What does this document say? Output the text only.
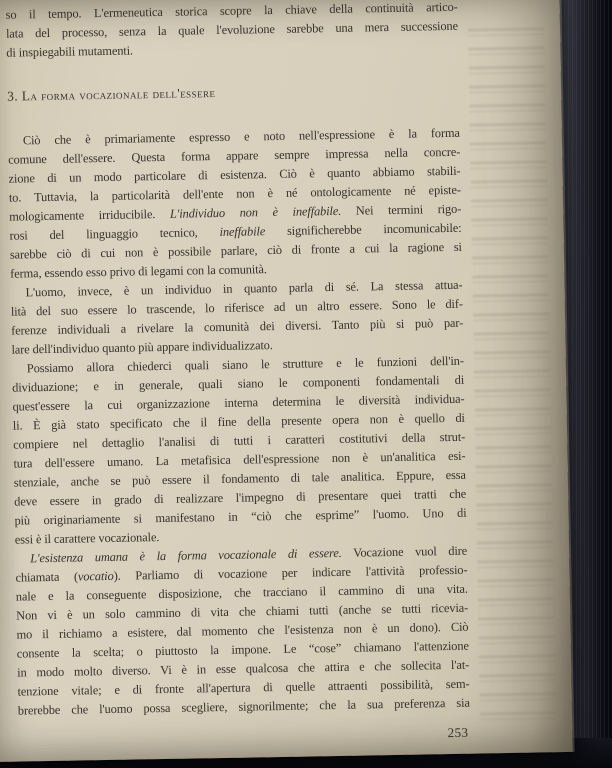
so il tempo. L'ermeneutica storica scopre la chiave della continuità artico-
lata del processo, senza la quale l'evoluzione sarebbe una mera successione
di inspiegabili mutamenti.
3. La forma vocazionale dell'essere
Ciò che è primariamente espresso e noto nell'espressione è la forma
comune dell'essere. Questa forma appare sempre impressa nella concre-
zione di un modo particolare di esistenza. Ciò è quanto abbiamo stabili-
to. Tuttavia, la particolarità dell'ente non è né ontologicamente né episte-
mologicamente irriducibile. L'individuo non è ineffabile. Nei termini rigo-
rosi del linguaggio tecnico, ineffabile significherebbe incomunicabile:
sarebbe ciò di cui non è possibile parlare, ciò di fronte a cui la ragione si
ferma, essendo esso privo di legami con la comunità.
L'uomo, invece, è un individuo in quanto parla di sé. La stessa attua-
lità del suo essere lo trascende, lo riferisce ad un altro essere. Sono le dif-
ferenze individuali a rivelare la comunità dei diversi. Tanto più si può par-
lare dell'individuo quanto più appare individualizzato.
Possiamo allora chiederci quali siano le strutture e le funzioni dell'in-
dividuazione; e in generale, quali siano le componenti fondamentali di
quest'essere la cui organizzazione interna determina le diversità individua-
li. È già stato specificato che il fine della presente opera non è quello di
compiere nel dettaglio l'analisi di tutti i caratteri costitutivi della strut-
tura dell'essere umano. La metafisica dell'espressione non è un'analitica esi-
stenziale, anche se può essere il fondamento di tale analitica. Eppure, essa
deve essere in grado di realizzare l'impegno di presentare quei tratti che
più originariamente si manifestano in “ciò che esprime” l'uomo. Uno di
essi è il carattere vocazionale.
L'esistenza umana è la forma vocazionale di essere. Vocazione vuol dire
chiamata (vocatio). Parliamo di vocazione per indicare l'attività professio-
nale e la conseguente disposizione, che tracciano il cammino di una vita.
Non vi è un solo cammino di vita che chiami tutti (anche se tutti ricevia-
mo il richiamo a esistere, dal momento che l'esistenza non è un dono). Ciò
consente la scelta; o piuttosto la impone. Le “cose” chiamano l'attenzione
in modo molto diverso. Vi è in esse qualcosa che attira e che sollecita l'at-
tenzione vitale; e di fronte all'apertura di quelle attraenti possibilità, sem-
brerebbe che l'uomo possa scegliere, signorilmente; che la sua preferenza sia
253
